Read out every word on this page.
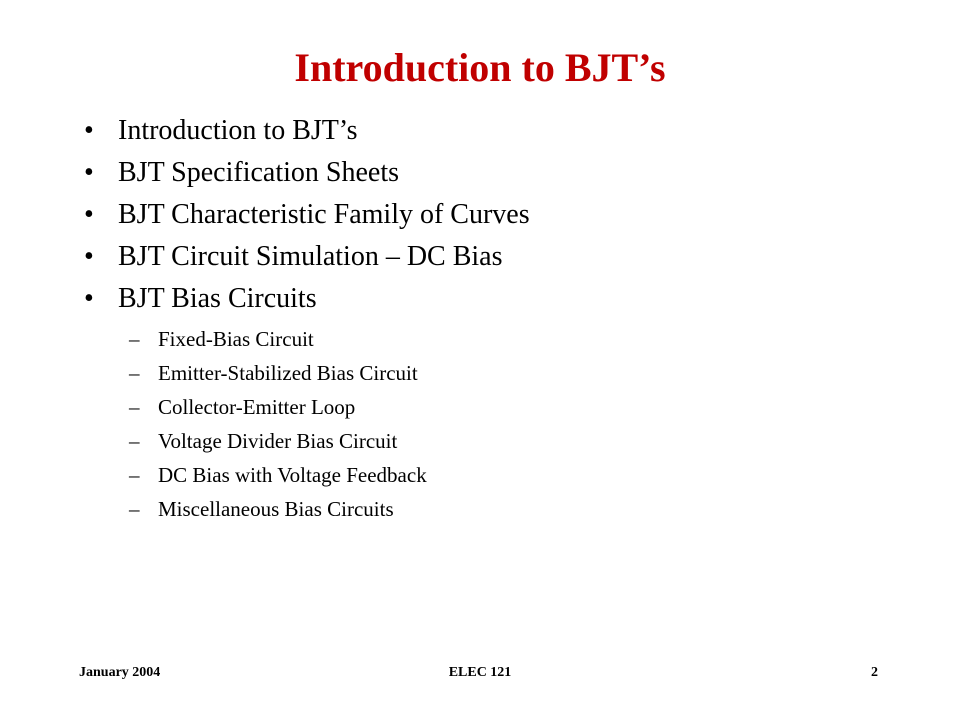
Introduction to BJT’s
• Introduction to BJT’s
• BJT Specification Sheets
• BJT Characteristic Family of Curves
• BJT Circuit Simulation – DC Bias
• BJT Bias Circuits
– Fixed-Bias Circuit
– Emitter-Stabilized Bias Circuit
– Collector-Emitter Loop
– Voltage Divider Bias Circuit
– DC Bias with Voltage Feedback
– Miscellaneous Bias Circuits
ELEC 121
January 2004	2
